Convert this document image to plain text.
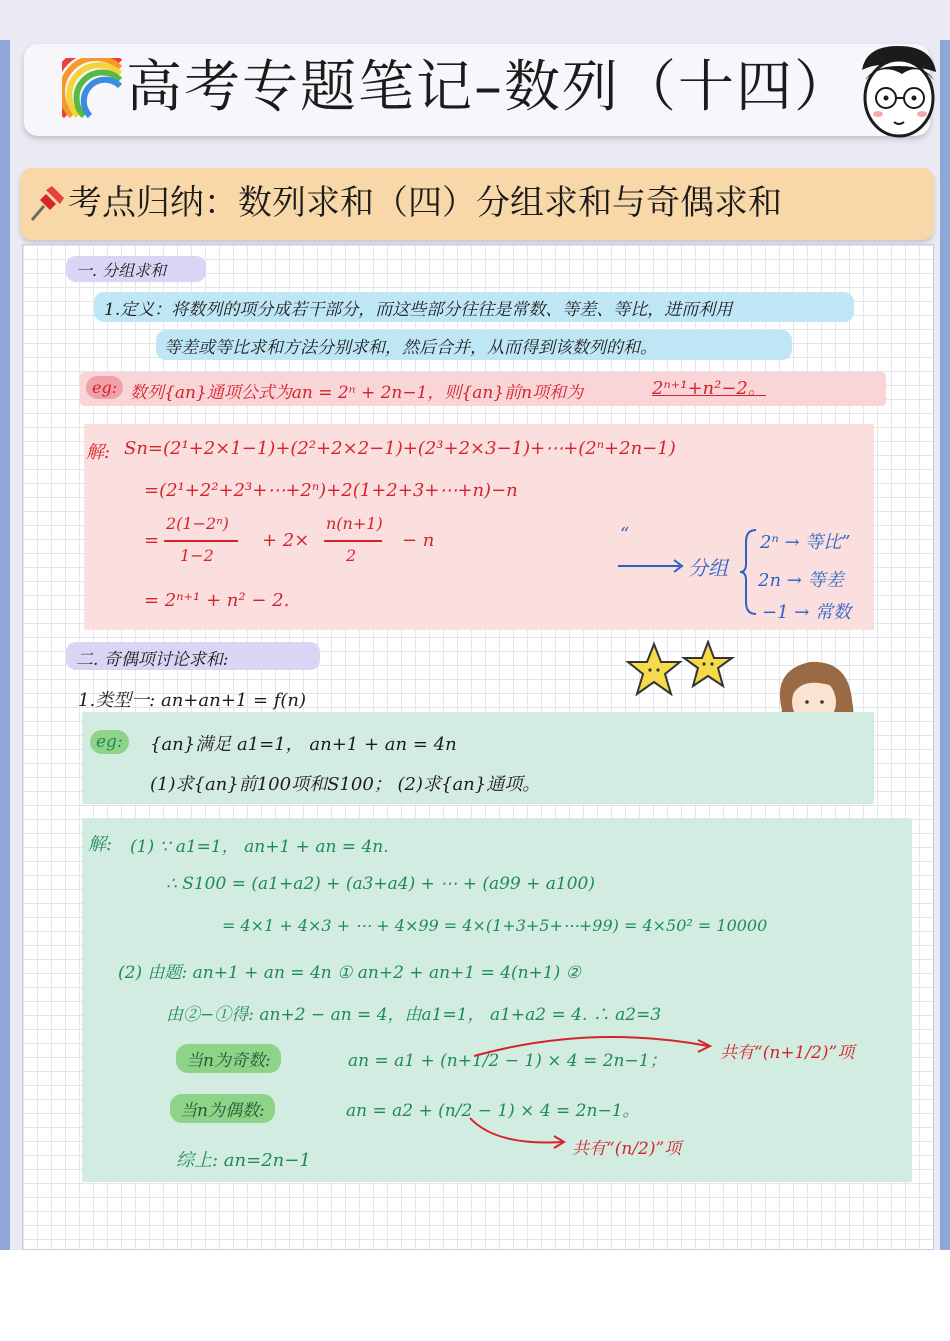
高考专题笔记–数列（十四）
考点归纳：数列求和（四）分组求和与奇偶求和
一. 分组求和
1.定义：将数列的项分成若干部分，而这些部分往往是常数、等差、等比，进而利用
等差或等比求和方法分别求和，然后合并，从而得到该数列的和。
eg: 数列{an}通项公式为an = 2ⁿ + 2n−1，则{an}前n项和为	2ⁿ⁺¹+n²−2。
解: Sn=(2¹+2×1−1)+(2²+2×2−1)+(2³+2×3−1)+⋯+(2ⁿ+2n−1)
=(2¹+2²+2³+⋯+2ⁿ)+2(1+2+3+⋯+n)−n
=
2(1−2ⁿ)
1−2
+ 2×
n(n+1)
2
− n
= 2ⁿ⁺¹ + n² − 2.
“
分组
2ⁿ → 等比”
2n → 等差
−1 → 常数
二. 奇偶项讨论求和:
1.类型一: an+an+1 = f(n)
eg:	{an}满足 a1=1， an+1 + an = 4n
(1)求{an}前100项和S100； (2)求{an}通项。
解: (1) ∵ a1=1， an+1 + an = 4n.
∴ S100 = (a1+a2) + (a3+a4) + ⋯ + (a99 + a100)
= 4×1 + 4×3 + ⋯ + 4×99 = 4×(1+3+5+⋯+99) = 4×50² = 10000
(2) 由题: an+1 + an = 4n ① an+2 + an+1 = 4(n+1) ②
由②−①得: an+2 − an = 4，由a1=1， a1+a2 = 4. ∴ a2=3
当n为奇数:	an = a1 + (n+1/2 − 1) × 4 = 2n−1；	共有“(n+1/2)”项
当n为偶数:	an = a2 + (n/2 − 1) × 4 = 2n−1。
共有“(n/2)”项
综上: an=2n−1
